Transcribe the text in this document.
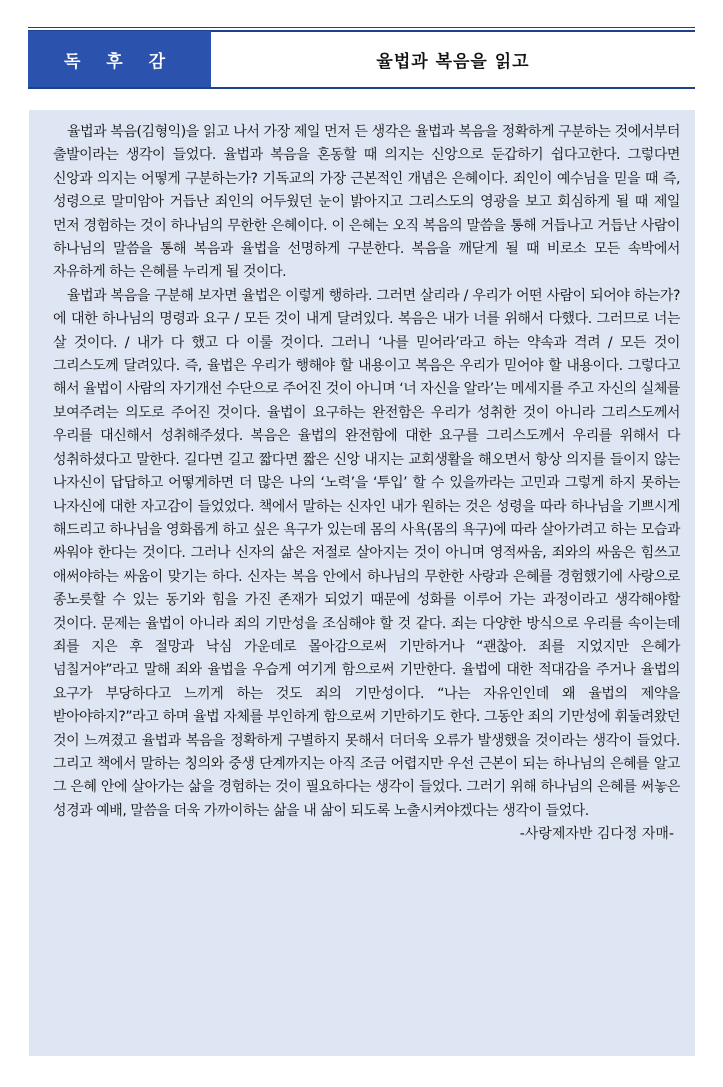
독 후 감	율법과 복음을 읽고

율법과 복음(김형익)을 읽고 나서 가장 제일 먼저 든 생각은 율법과 복음을 정확하게 구분하는 것에서부터 출발이라는 생각이 들었다. 율법과 복음을 혼동할 때 의지는 신앙으로 둔갑하기 쉽다고한다. 그렇다면 신앙과 의지는 어떻게 구분하는가? 기독교의 가장 근본적인 개념은 은혜이다. 죄인이 예수님을 믿을 때 즉, 성령으로 말미암아 거듭난 죄인의 어두웠던 눈이 밝아지고 그리스도의 영광을 보고 회심하게 될 때 제일 먼저 경험하는 것이 하나님의 무한한 은혜이다. 이 은혜는 오직 복음의 말씀을 통해 거듭나고 거듭난 사람이 하나님의 말씀을 통해 복음과 율법을 선명하게 구분한다. 복음을 깨닫게 될 때 비로소 모든 속박에서 자유하게 하는 은혜를 누리게 될 것이다.

율법과 복음을 구분해 보자면 율법은 이렇게 행하라. 그러면 살리라 / 우리가 어떤 사람이 되어야 하는가?에 대한 하나님의 명령과 요구 / 모든 것이 내게 달려있다. 복음은 내가 너를 위해서 다했다. 그러므로 너는 살 것이다. / 내가 다 했고 다 이룰 것이다. 그러니 ‘나를 믿어라’라고 하는 약속과 격려 / 모든 것이 그리스도께 달려있다. 즉, 율법은 우리가 행해야 할 내용이고 복음은 우리가 믿어야 할 내용이다. 그렇다고 해서 율법이 사람의 자기개선 수단으로 주어진 것이 아니며 ‘너 자신을 알라’는 메세지를 주고 자신의 실체를 보여주려는 의도로 주어진 것이다. 율법이 요구하는 완전함은 우리가 성취한 것이 아니라 그리스도께서 우리를 대신해서 성취해주셨다. 복음은 율법의 완전함에 대한 요구를 그리스도께서 우리를 위해서 다 성취하셨다고 말한다. 길다면 길고 짧다면 짧은 신앙 내지는 교회생활을 해오면서 항상 의지를 들이지 않는 나자신이 답답하고 어떻게하면 더 많은 나의 ‘노력’을 ‘투입’ 할 수 있을까라는 고민과 그렇게 하지 못하는 나자신에 대한 자고감이 들었었다. 책에서 말하는 신자인 내가 원하는 것은 성령을 따라 하나님을 기쁘시게 해드리고 하나님을 영화롭게 하고 싶은 욕구가 있는데 몸의 사욕(몸의 욕구)에 따라 살아가려고 하는 모습과 싸워야 한다는 것이다. 그러나 신자의 삶은 저절로 살아지는 것이 아니며 영적싸움, 죄와의 싸움은 힘쓰고 애써야하는 싸움이 맞기는 하다. 신자는 복음 안에서 하나님의 무한한 사랑과 은혜를 경험했기에 사랑으로 종노릇할 수 있는 동기와 힘을 가진 존재가 되었기 때문에 성화를 이루어 가는 과정이라고 생각해야할 것이다. 문제는 율법이 아니라 죄의 기만성을 조심해야 할 것 같다. 죄는 다양한 방식으로 우리를 속이는데 죄를 지은 후 절망과 낙심 가운데로 몰아감으로써 기만하거나 “괜찮아. 죄를 지었지만 은혜가 넘칠거야”라고 말해 죄와 율법을 우습게 여기게 함으로써 기만한다. 율법에 대한 적대감을 주거나 율법의 요구가 부당하다고 느끼게 하는 것도 죄의 기만성이다. “나는 자유인인데 왜 율법의 제약을 받아야하지?”라고 하며 율법 자체를 부인하게 함으로써 기만하기도 한다. 그동안 죄의 기만성에 휘둘려왔던 것이 느껴졌고 율법과 복음을 정확하게 구별하지 못해서 더더욱 오류가 발생했을 것이라는 생각이 들었다. 그리고 책에서 말하는 칭의와 중생 단계까지는 아직 조금 어렵지만 우선 근본이 되는 하나님의 은혜를 알고 그 은혜 안에 살아가는 삶을 경험하는 것이 필요하다는 생각이 들었다. 그러기 위해 하나님의 은혜를 써놓은 성경과 예배, 말씀을 더욱 가까이하는 삶을 내 삶이 되도록 노출시켜야겠다는 생각이 들었다.

-사랑제자반 김다정 자매-
